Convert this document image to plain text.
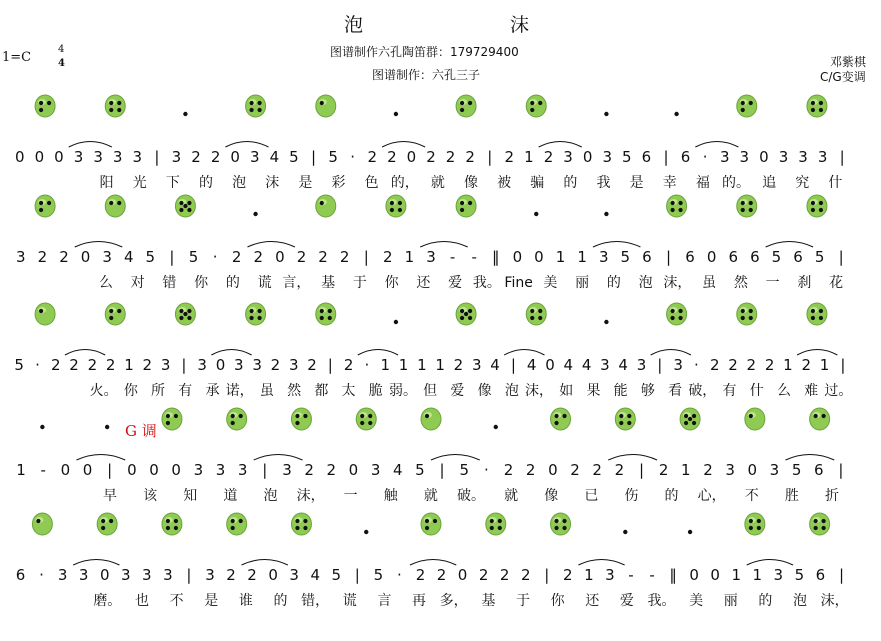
0 0 0 3 3 3 3 | 3 2 2 0 3 4 5 | 5 · 2 2 0 2 2 2 | 2 1 2 3 0 3 5 6 | 6 · 3 3 0 3 3 3 |
阳 光 下 的 泡 沫 是 彩 色 的， 就 像 被 骗 的 我 是 幸 福 的。 追 究 什
3 2 2 0 3 4 5 | 5 · 2 2 0 2 2 2 | 2 1 3 - - ‖ 0 0 1 1 3 5 6 | 6 0 6 6 5 6 5 |
么 对 错 你 的 谎 言， 基 于 你 还 爱 我。 Fine 美 丽 的 泡 沫， 虽 然 一 刹 花
5 · 2 2 2 2 1 2 3 | 3 0 3 3 2 3 2 | 2 · 1 1 1 1 2 3 4 | 4 0 4 4 3 4 3 | 3 · 2 2 2 2 1 2 1 |
火。 你 所 有 承 诺， 虽 然 都 太 脆 弱。 但 爱 像 泡 沫， 如 果 能 够 看 破， 有 什 么 难 过。
1 - 0 0 | 0 0 0 3 3 3 | 3 2 2 0 3 4 5 | 5 · 2 2 0 2 2 2 | 2 1 2 3 0 3 5 6 |
早 该 知 道 泡 沫， 一 触 就 破。 就 像 已 伤 的 心， 不 胜 折
6 · 3 3 0 3 3 3 | 3 2 2 0 3 4 5 | 5 · 2 2 0 2 2 2 | 2 1 3 - - ‖ 0 0 1 1 3 5 6 |
磨。 也 不 是 谁 的 错， 谎 言 再 多， 基 于 你 还 爱 我。 美 丽 的 泡 沫，
泡	沫
图谱制作六孔陶笛群：179729400
图谱制作：六孔三子
邓紫棋
C/G变调
1=C
4
4
G 调
